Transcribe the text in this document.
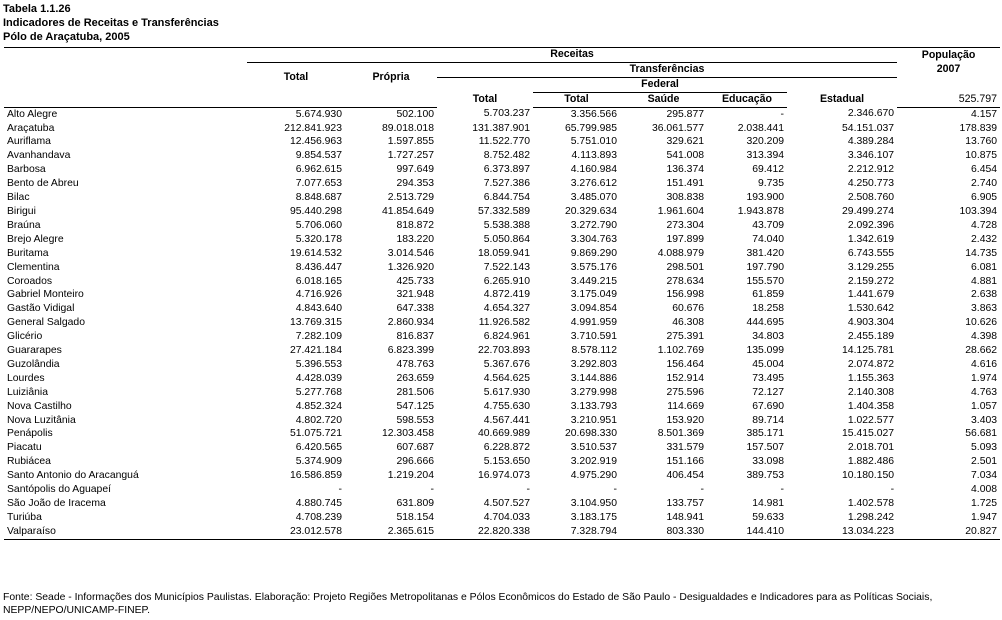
Tabela 1.1.26
Indicadores de Receitas e Transferências
Pólo de Araçatuba, 2005
	Receitas							População
	Total	Própria	Transferências					2007
			Total	Federal			Estadual	
				Total	Saúde	Educação		525.797
Alto Alegre	5.674.930	502.100	5.703.237	3.356.566	295.877	-	2.346.670	4.157
Araçatuba	212.841.923	89.018.018	131.387.901	65.799.985	36.061.577	2.038.441	54.151.037	178.839
Auriflama	12.456.963	1.597.855	11.522.770	5.751.010	329.621	320.209	4.389.284	13.760
Avanhandava	9.854.537	1.727.257	8.752.482	4.113.893	541.008	313.394	3.346.107	10.875
Barbosa	6.962.615	997.649	6.373.897	4.160.984	136.374	69.412	2.212.912	6.454
Bento de Abreu	7.077.653	294.353	7.527.386	3.276.612	151.491	9.735	4.250.773	2.740
Bilac	8.848.687	2.513.729	6.844.754	3.485.070	308.838	193.900	2.508.760	6.905
Birigui	95.440.298	41.854.649	57.332.589	20.329.634	1.961.604	1.943.878	29.499.274	103.394
Braúna	5.706.060	818.872	5.538.388	3.272.790	273.304	43.709	2.092.396	4.728
Brejo Alegre	5.320.178	183.220	5.050.864	3.304.763	197.899	74.040	1.342.619	2.432
Buritama	19.614.532	3.014.546	18.059.941	9.869.290	4.088.979	381.420	6.743.555	14.735
Clementina	8.436.447	1.326.920	7.522.143	3.575.176	298.501	197.790	3.129.255	6.081
Coroados	6.018.165	425.733	6.265.910	3.449.215	278.634	155.570	2.159.272	4.881
Gabriel Monteiro	4.716.926	321.948	4.872.419	3.175.049	156.998	61.859	1.441.679	2.638
Gastão Vidigal	4.843.640	647.338	4.654.327	3.094.854	60.676	18.258	1.530.642	3.863
General Salgado	13.769.315	2.860.934	11.926.582	4.991.959	46.308	444.695	4.903.304	10.626
Glicério	7.282.109	816.837	6.824.961	3.710.591	275.391	34.803	2.455.189	4.398
Guararapes	27.421.184	6.823.399	22.703.893	8.578.112	1.102.769	135.099	14.125.781	28.662
Guzolândia	5.396.553	478.763	5.367.676	3.292.803	156.464	45.004	2.074.872	4.616
Lourdes	4.428.039	263.659	4.564.625	3.144.886	152.914	73.495	1.155.363	1.974
Luiziânia	5.277.768	281.506	5.617.930	3.279.998	275.596	72.127	2.140.308	4.763
Nova Castilho	4.852.324	547.125	4.755.630	3.133.793	114.669	67.690	1.404.358	1.057
Nova Luzitânia	4.802.720	598.553	4.567.441	3.210.951	153.920	89.714	1.022.577	3.403
Penápolis	51.075.721	12.303.458	40.669.989	20.698.330	8.501.369	385.171	15.415.027	56.681
Piacatu	6.420.565	607.687	6.228.872	3.510.537	331.579	157.507	2.018.701	5.093
Rubiácea	5.374.909	296.666	5.153.650	3.202.919	151.166	33.098	1.882.486	2.501
Santo Antonio do Aracanguá	16.586.859	1.219.204	16.974.073	4.975.290	406.454	389.753	10.180.150	7.034
Santópolis do Aguapeí	-	-	-	-	-	-	-	4.008
São João de Iracema	4.880.745	631.809	4.507.527	3.104.950	133.757	14.981	1.402.578	1.725
Turiúba	4.708.239	518.154	4.704.033	3.183.175	148.941	59.633	1.298.242	1.947
Valparaíso	23.012.578	2.365.615	22.820.338	7.328.794	803.330	144.410	13.034.223	20.827
Fonte: Seade - Informações dos Municípios Paulistas. Elaboração: Projeto Regiões Metropolitanas e Pólos Econômicos do Estado de São Paulo - Desigualdades e Indicadores para as Políticas Sociais, NEPP/NEPO/UNICAMP-FINEP.
